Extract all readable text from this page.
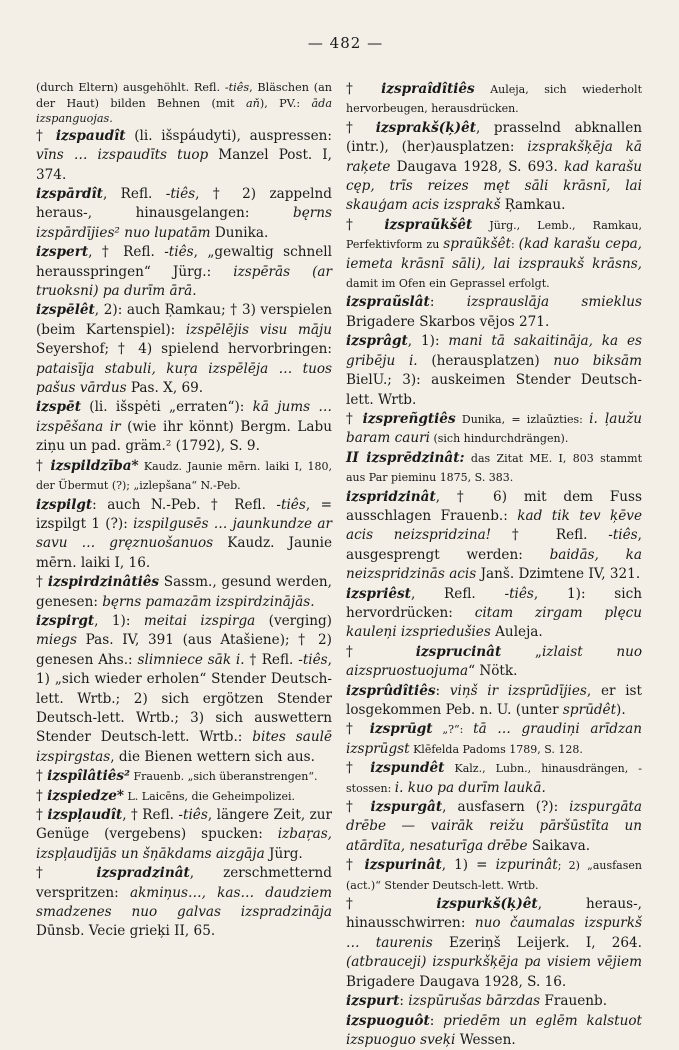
— 482 —

(durch Eltern) ausgehöhlt. Refl. -tiês, Bläschen (an der Haut) bilden Behnen (mit aň), PV.: āda izspanguojas.

† izspaudît (li. išspáudyti), auspressen: vīns … izspaudīts tuop Manzel Post. I, 374.

izspārdît, Refl. -tiês, † 2) zappelnd heraus-, hinausgelangen: bęrns izspārdījies² nuo lupatām Dunika.

izspert, † Refl. -tiês, „gewaltig schnell herausspringen“ Jürg.: izspērās (ar truoksni) pa durīm ārā.

izspēlêt, 2): auch Ŗamkau; † 3) verspielen (beim Kartenspiel): izspēlējis visu māju Seyershof; † 4) spielend hervorbringen: pataisīja stabuli, kuŗa izspēlēja … tuos pašus vārdus Pas. X, 69.

izspēt (li. išspėti „erraten“): kā jums … izspēšana ir (wie ihr könnt) Bergm. Labu ziņu un pad. gräm.² (1792), S. 9.

† izspildzība* Kaudz. Jaunie mērn. laiki I, 180, der Übermut (?); „izlepšana“ N.-Peb.

izspilgt: auch N.-Peb. † Refl. -tiês, = izspilgt 1 (?): izspilgusēs … jaunkundze ar savu … gręznuošanuos Kaudz. Jaunie mērn. laiki I, 16.

† izspirdzinâtiês Sassm., gesund werden, genesen: bęrns pamazām izspirdzinājās.

izspirgt, 1): meitai izspirga (verging) miegs Pas. IV, 391 (aus Atašiene); † 2) genesen Ahs.: slimniece sāk i. † Refl. -tiês, 1) „sich wieder erholen“ Stender Deutsch-lett. Wrtb.; 2) sich ergötzen Stender Deutsch-lett. Wrtb.; 3) sich auswettern Stender Deutsch-lett. Wrtb.: bites saulē izspirgstas, die Bienen wettern sich aus.

† izspîlâtiês² Frauenb. „sich überanstrengen“.

† izspiedze* L. Laicēns, die Geheimpolizei.

† izspļaudît, † Refl. -tiês, längere Zeit, zur Genüge (vergebens) spucken: izbaŗas, izspļaudījās un šņākdams aizgāja Jürg.

† izspradzinât, zerschmetternd verspritzen: akmiņus…, kas… daudziem smadzenes nuo galvas izspradzināja Dūnsb. Vecie grieķi II, 65.

† izspraîdîtiês Auleja, sich wiederholt hervorbeugen, herausdrücken.

† izsprakš(ķ)êt, prasselnd abknallen (intr.), (her)ausplatzen: izsprakšķēja kā raķete Daugava 1928, S. 693. kad karašu cęp, trīs reizes męt sāli krāsnī, lai skauģam acis izsprakš Ŗamkau.

† izspraũkšêt Jürg., Lemb., Ramkau, Perfektivform zu spraũkšêt: (kad karašu cepa, iemeta krāsnī sāli), lai izspraukš krāsns, damit im Ofen ein Geprassel erfolgt.

izspraũslât: izsprauslāja smieklus Brigadere Skarbos vējos 271.

izsprâgt, 1): mani tā sakaitināja, ka es gribēju i. (herausplatzen) nuo biksām BielU.; 3): auskeimen Stender Deutsch-lett. Wrtb.

† izspreñgtiês Dunika, = izlaūzties: i. ļaužu baram cauri (sich hindurchdrängen).

II izsprēdzinât: das Zitat ME. I, 803 stammt aus Par pieminu 1875, S. 383.

izspridzinât, † 6) mit dem Fuss ausschlagen Frauenb.: kad tik tev ķēve acis neizspridzina! † Refl. -tiês, ausgesprengt werden: baidās, ka neizspridzinās acis Janš. Dzimtene IV, 321.

izspriêst, Refl. -tiês, 1): sich hervordrücken: citam zirgam plęcu kauleņi izspriedušies Auleja.

† izsprucinât „izlaist nuo aizspruostuojuma“ Nötk.

izsprûdîtiês: viņš ir izsprūdījies, er ist losgekommen Peb. n. U. (unter sprūdêt).

† izsprūgt „?“: tā … graudiņi arīdzan izsprūgst Klēfelda Padoms 1789, S. 128.

† izspundêt Kalz., Lubn., hinausdrängen, -stossen: i. kuo pa durīm laukā.

† izspurgât, ausfasern (?): izspurgāta drēbe — vairāk reižu pāršūstīta un atārdīta, nesaturīga drēbe Saikava.

† izspurinât, 1) = izpurinât; 2) „ausfasen (act.)“ Stender Deutsch-lett. Wrtb.

† izspurkš(ķ)êt, heraus-, hinausschwirren: nuo čaumalas izspurkš … taurenis Ezeriņš Leijerk. I, 264. (atbrauceji) izspurkšķēja pa visiem vējiem Brigadere Daugava 1928, S. 16.

izspurt: izspūrušas bārzdas Frauenb.

izspuoguôt: priedēm un eglēm kalstuot izspuoguo sveķi Wessen.
